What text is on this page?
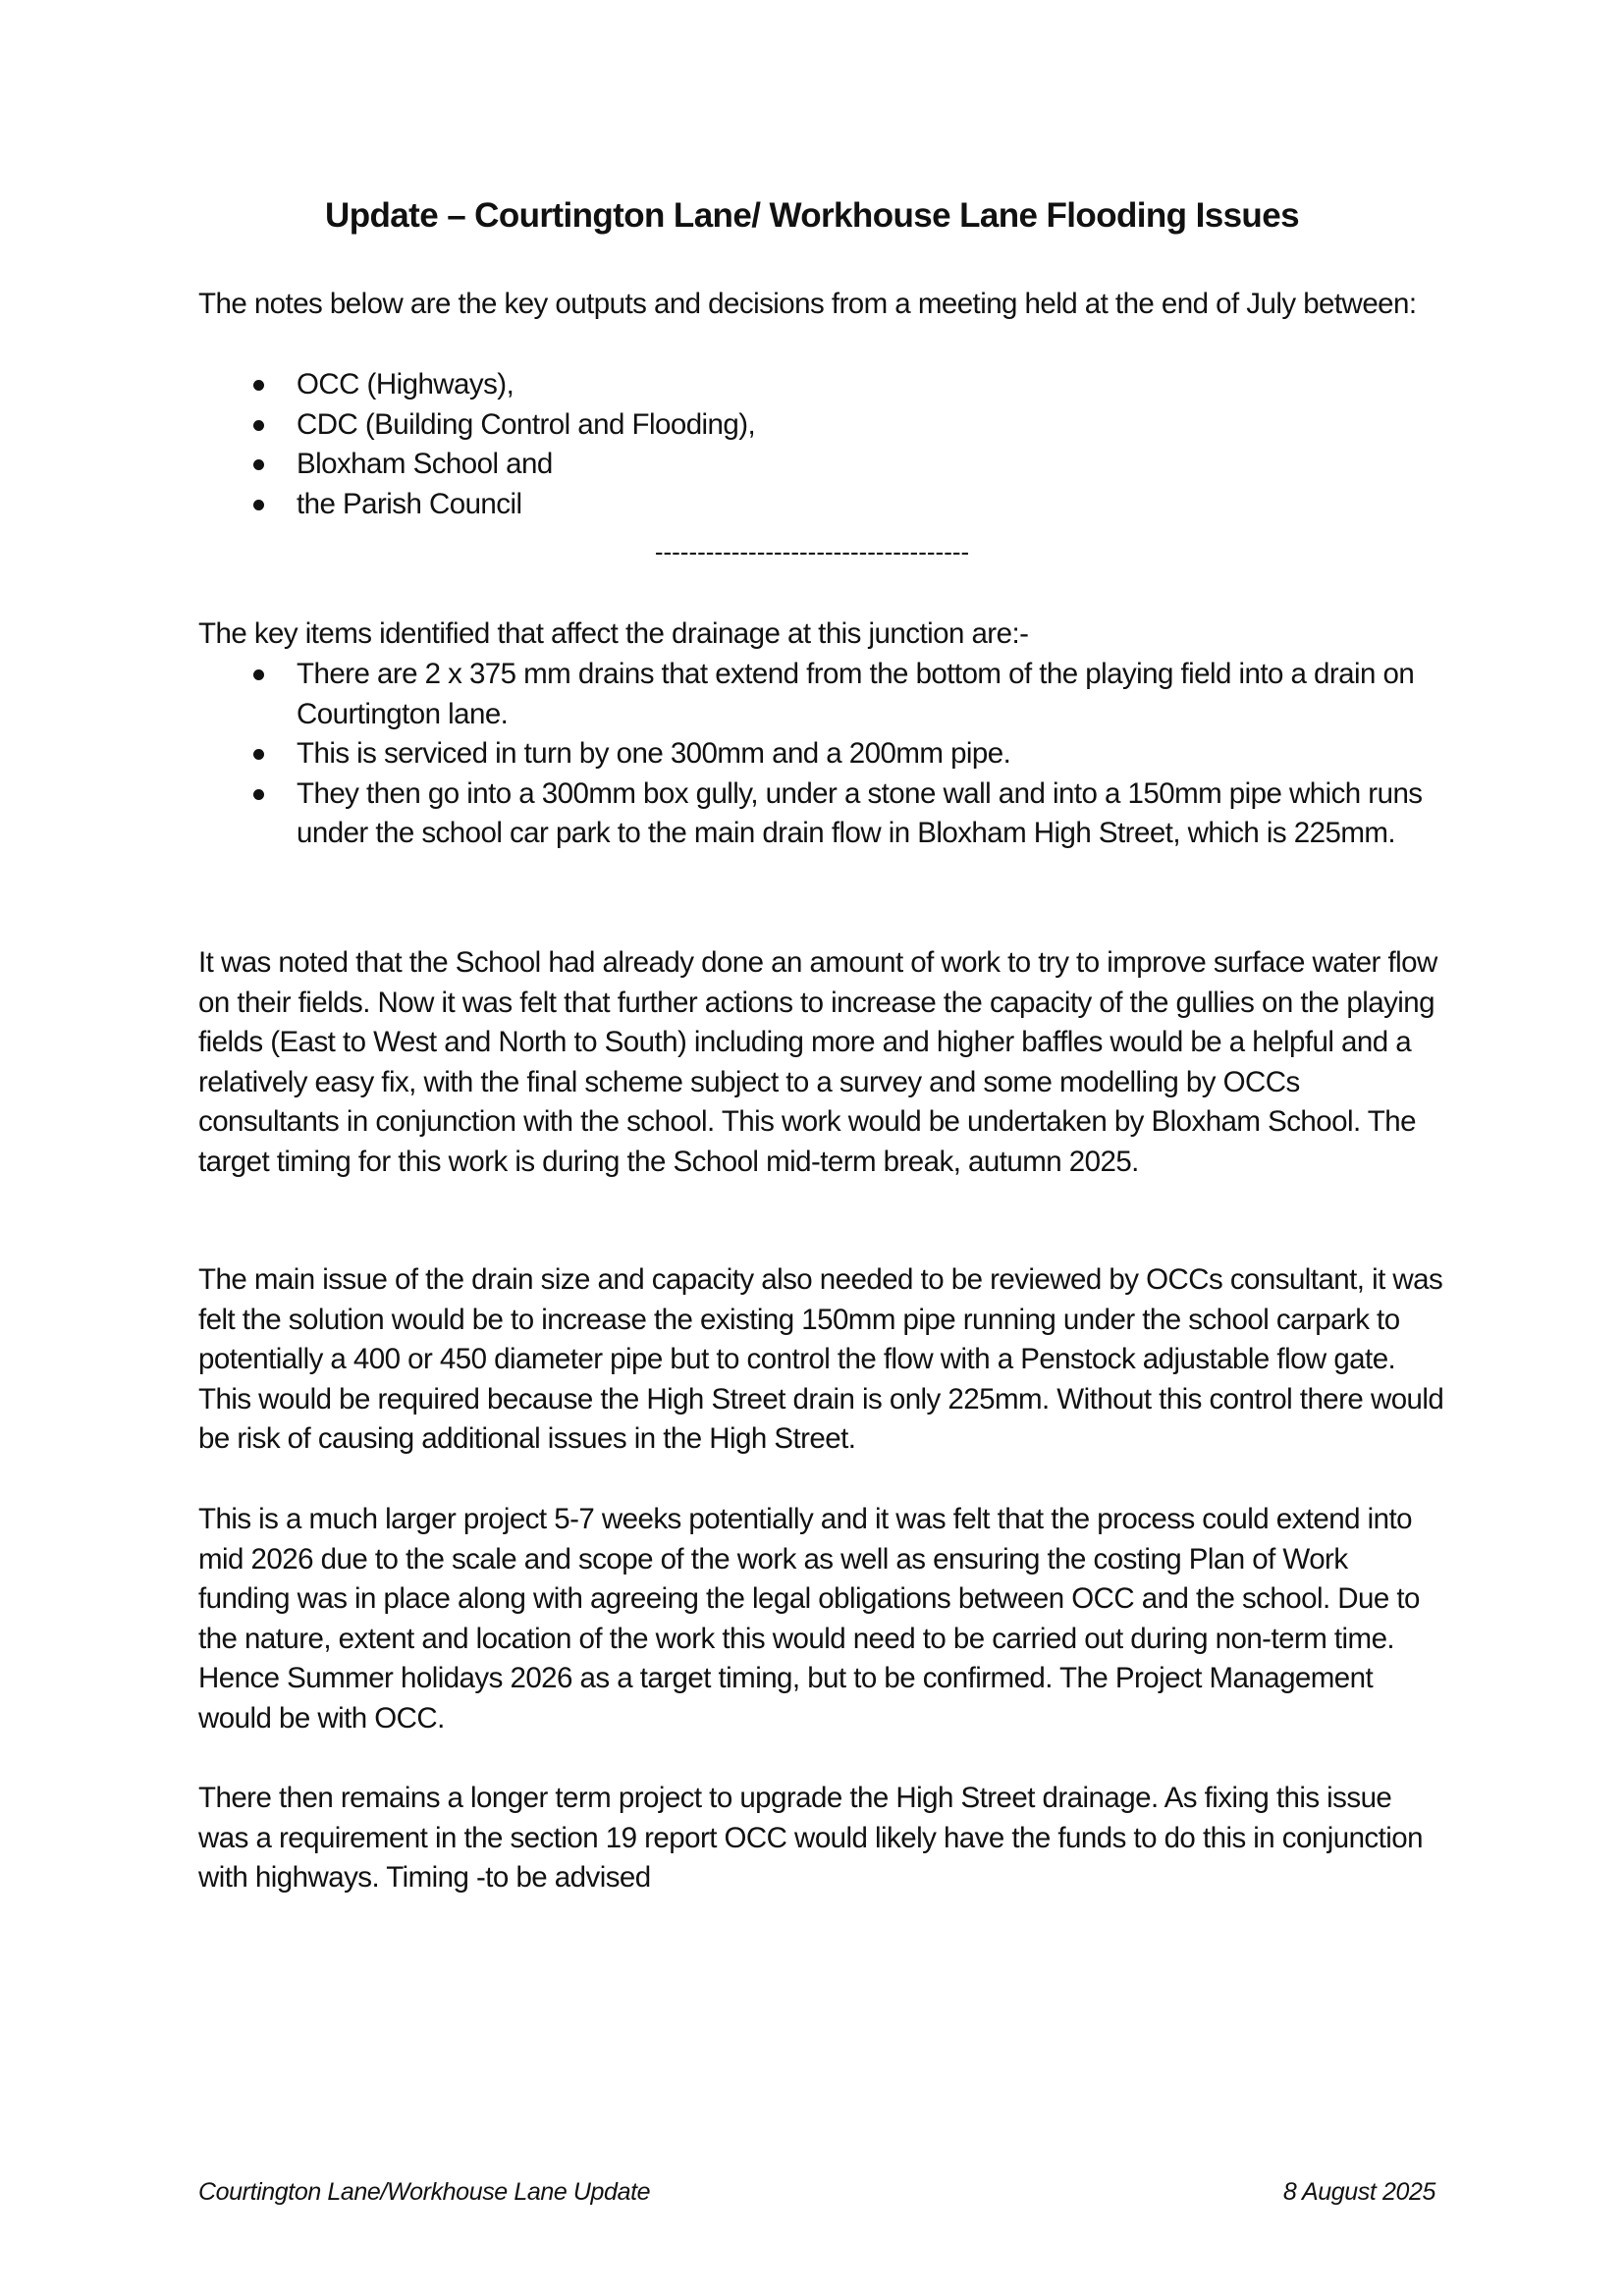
Update – Courtington Lane/ Workhouse Lane Flooding Issues

The notes below are the key outputs and decisions from a meeting held at the end of July between:

OCC (Highways),
CDC (Building Control and Flooding),
Bloxham School and
the Parish Council
-------------------------------------

The key items identified that affect the drainage at this junction are:-

There are 2 x 375 mm drains that extend from the bottom of the playing field into a drain on Courtington lane.
This is serviced in turn by one 300mm and a 200mm pipe.
They then go into a 300mm box gully, under a stone wall and into a 150mm pipe which runs under the school car park to the main drain flow in Bloxham High Street, which is 225mm.

It was noted that the School had already done an amount of work to try to improve surface water flow on their fields. Now it was felt that further actions to increase the capacity of the gullies on the playing fields (East to West and North to South) including more and higher baffles would be a helpful and a relatively easy fix, with the final scheme subject to a survey and some modelling by OCCs consultants in conjunction with the school. This work would be undertaken by Bloxham School. The target timing for this work is during the School mid-term break, autumn 2025.

The main issue of the drain size and capacity also needed to be reviewed by OCCs consultant, it was felt the solution would be to increase the existing 150mm pipe running under the school carpark to potentially a 400 or 450 diameter pipe but to control the flow with a Penstock adjustable flow gate. This would be required because the High Street drain is only 225mm. Without this control there would be risk of causing additional issues in the High Street.

This is a much larger project 5-7 weeks potentially and it was felt that the process could extend into mid 2026 due to the scale and scope of the work as well as ensuring the costing Plan of Work funding was in place along with agreeing the legal obligations between OCC and the school. Due to the nature, extent and location of the work this would need to be carried out during non-term time. Hence Summer holidays 2026 as a target timing, but to be confirmed. The Project Management would be with OCC.

There then remains a longer term project to upgrade the High Street drainage. As fixing this issue was a requirement in the section 19 report OCC would likely have the funds to do this in conjunction with highways. Timing -to be advised

Courtington Lane/Workhouse Lane Update	8 August 2025
